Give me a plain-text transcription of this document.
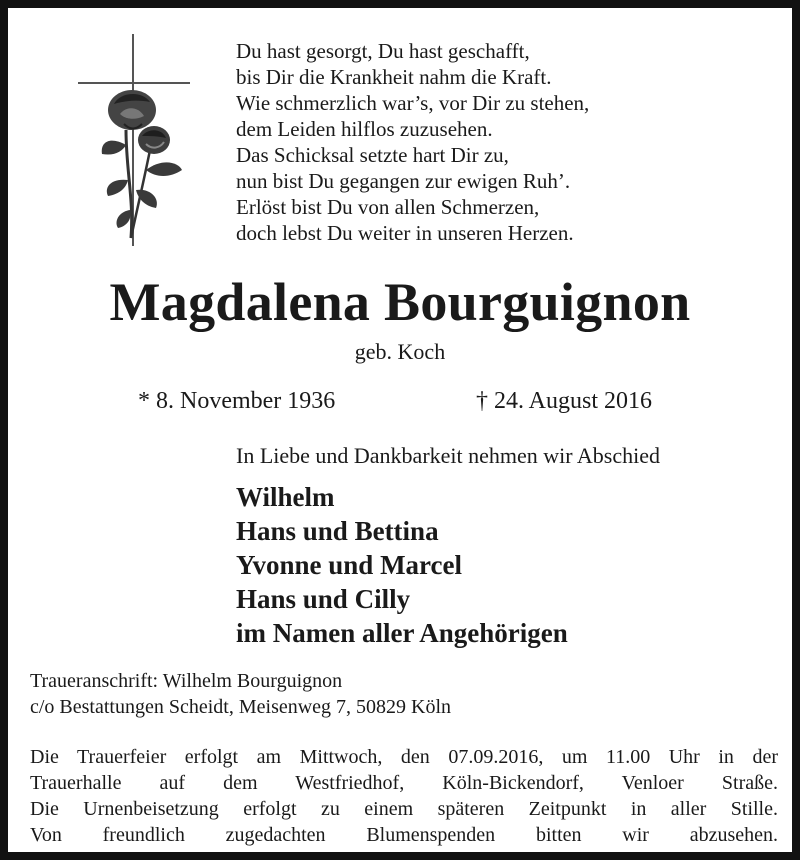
Du hast gesorgt, Du hast geschafft,
bis Dir die Krankheit nahm die Kraft.
Wie schmerzlich war’s, vor Dir zu stehen,
dem Leiden hilflos zuzusehen.
Das Schicksal setzte hart Dir zu,
nun bist Du gegangen zur ewigen Ruh’.
Erlöst bist Du von allen Schmerzen,
doch lebst Du weiter in unseren Herzen.
Magdalena Bourguignon
geb. Koch
* 8. November 1936	† 24. August 2016
In Liebe und Dankbarkeit nehmen wir Abschied
Wilhelm
Hans und Bettina
Yvonne und Marcel
Hans und Cilly
im Namen aller Angehörigen
Traueranschrift: Wilhelm Bourguignon
c/o Bestattungen Scheidt, Meisenweg 7, 50829 Köln
Die Trauerfeier erfolgt am Mittwoch, den 07.09.2016, um 11.00 Uhr in der
Trauerhalle auf dem Westfriedhof, Köln-Bickendorf, Venloer Straße.
Die Urnenbeisetzung erfolgt zu einem späteren Zeitpunkt in aller Stille.
Von freundlich zugedachten Blumenspenden bitten wir abzusehen.
